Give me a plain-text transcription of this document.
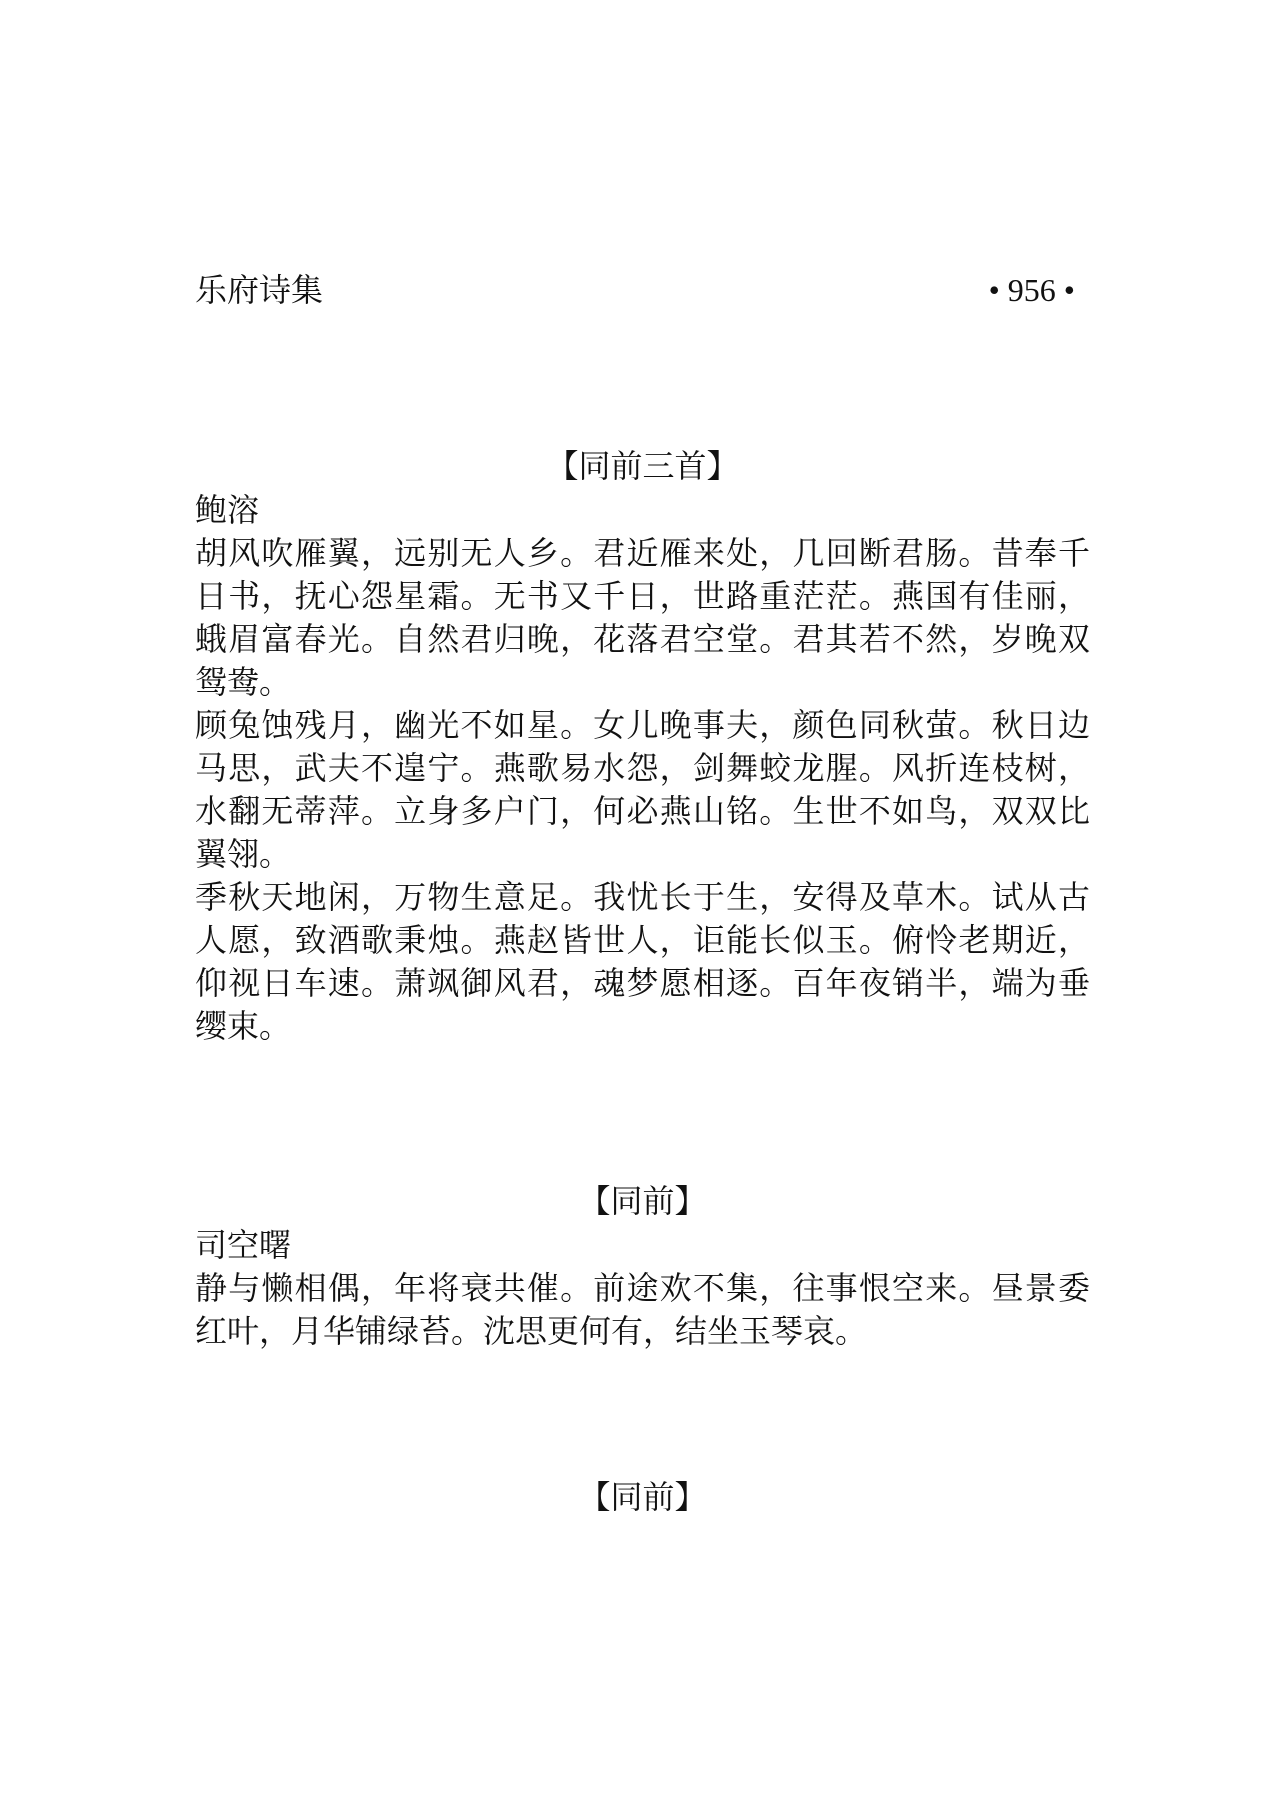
乐府诗集	• 956 •
【同前三首】

鲍溶

胡风吹雁翼，远别无人乡。君近雁来处，几回断君肠。昔奉千日书，抚心怨星霜。无书又千日，世路重茫茫。燕国有佳丽，蛾眉富春光。自然君归晚，花落君空堂。君其若不然，岁晚双鸳鸯。

顾兔蚀残月，幽光不如星。女儿晚事夫，颜色同秋萤。秋日边马思，武夫不遑宁。燕歌易水怨，剑舞蛟龙腥。风折连枝树，水翻无蒂萍。立身多户门，何必燕山铭。生世不如鸟，双双比翼翎。

季秋天地闲，万物生意足。我忧长于生，安得及草木。试从古人愿，致酒歌秉烛。燕赵皆世人，讵能长似玉。俯怜老期近，仰视日车速。萧飒御风君，魂梦愿相逐。百年夜销半，端为垂缨束。

【同前】

司空曙

静与懒相偶，年将衰共催。前途欢不集，往事恨空来。昼景委红叶，月华铺绿苔。沈思更何有，结坐玉琴哀。

【同前】
